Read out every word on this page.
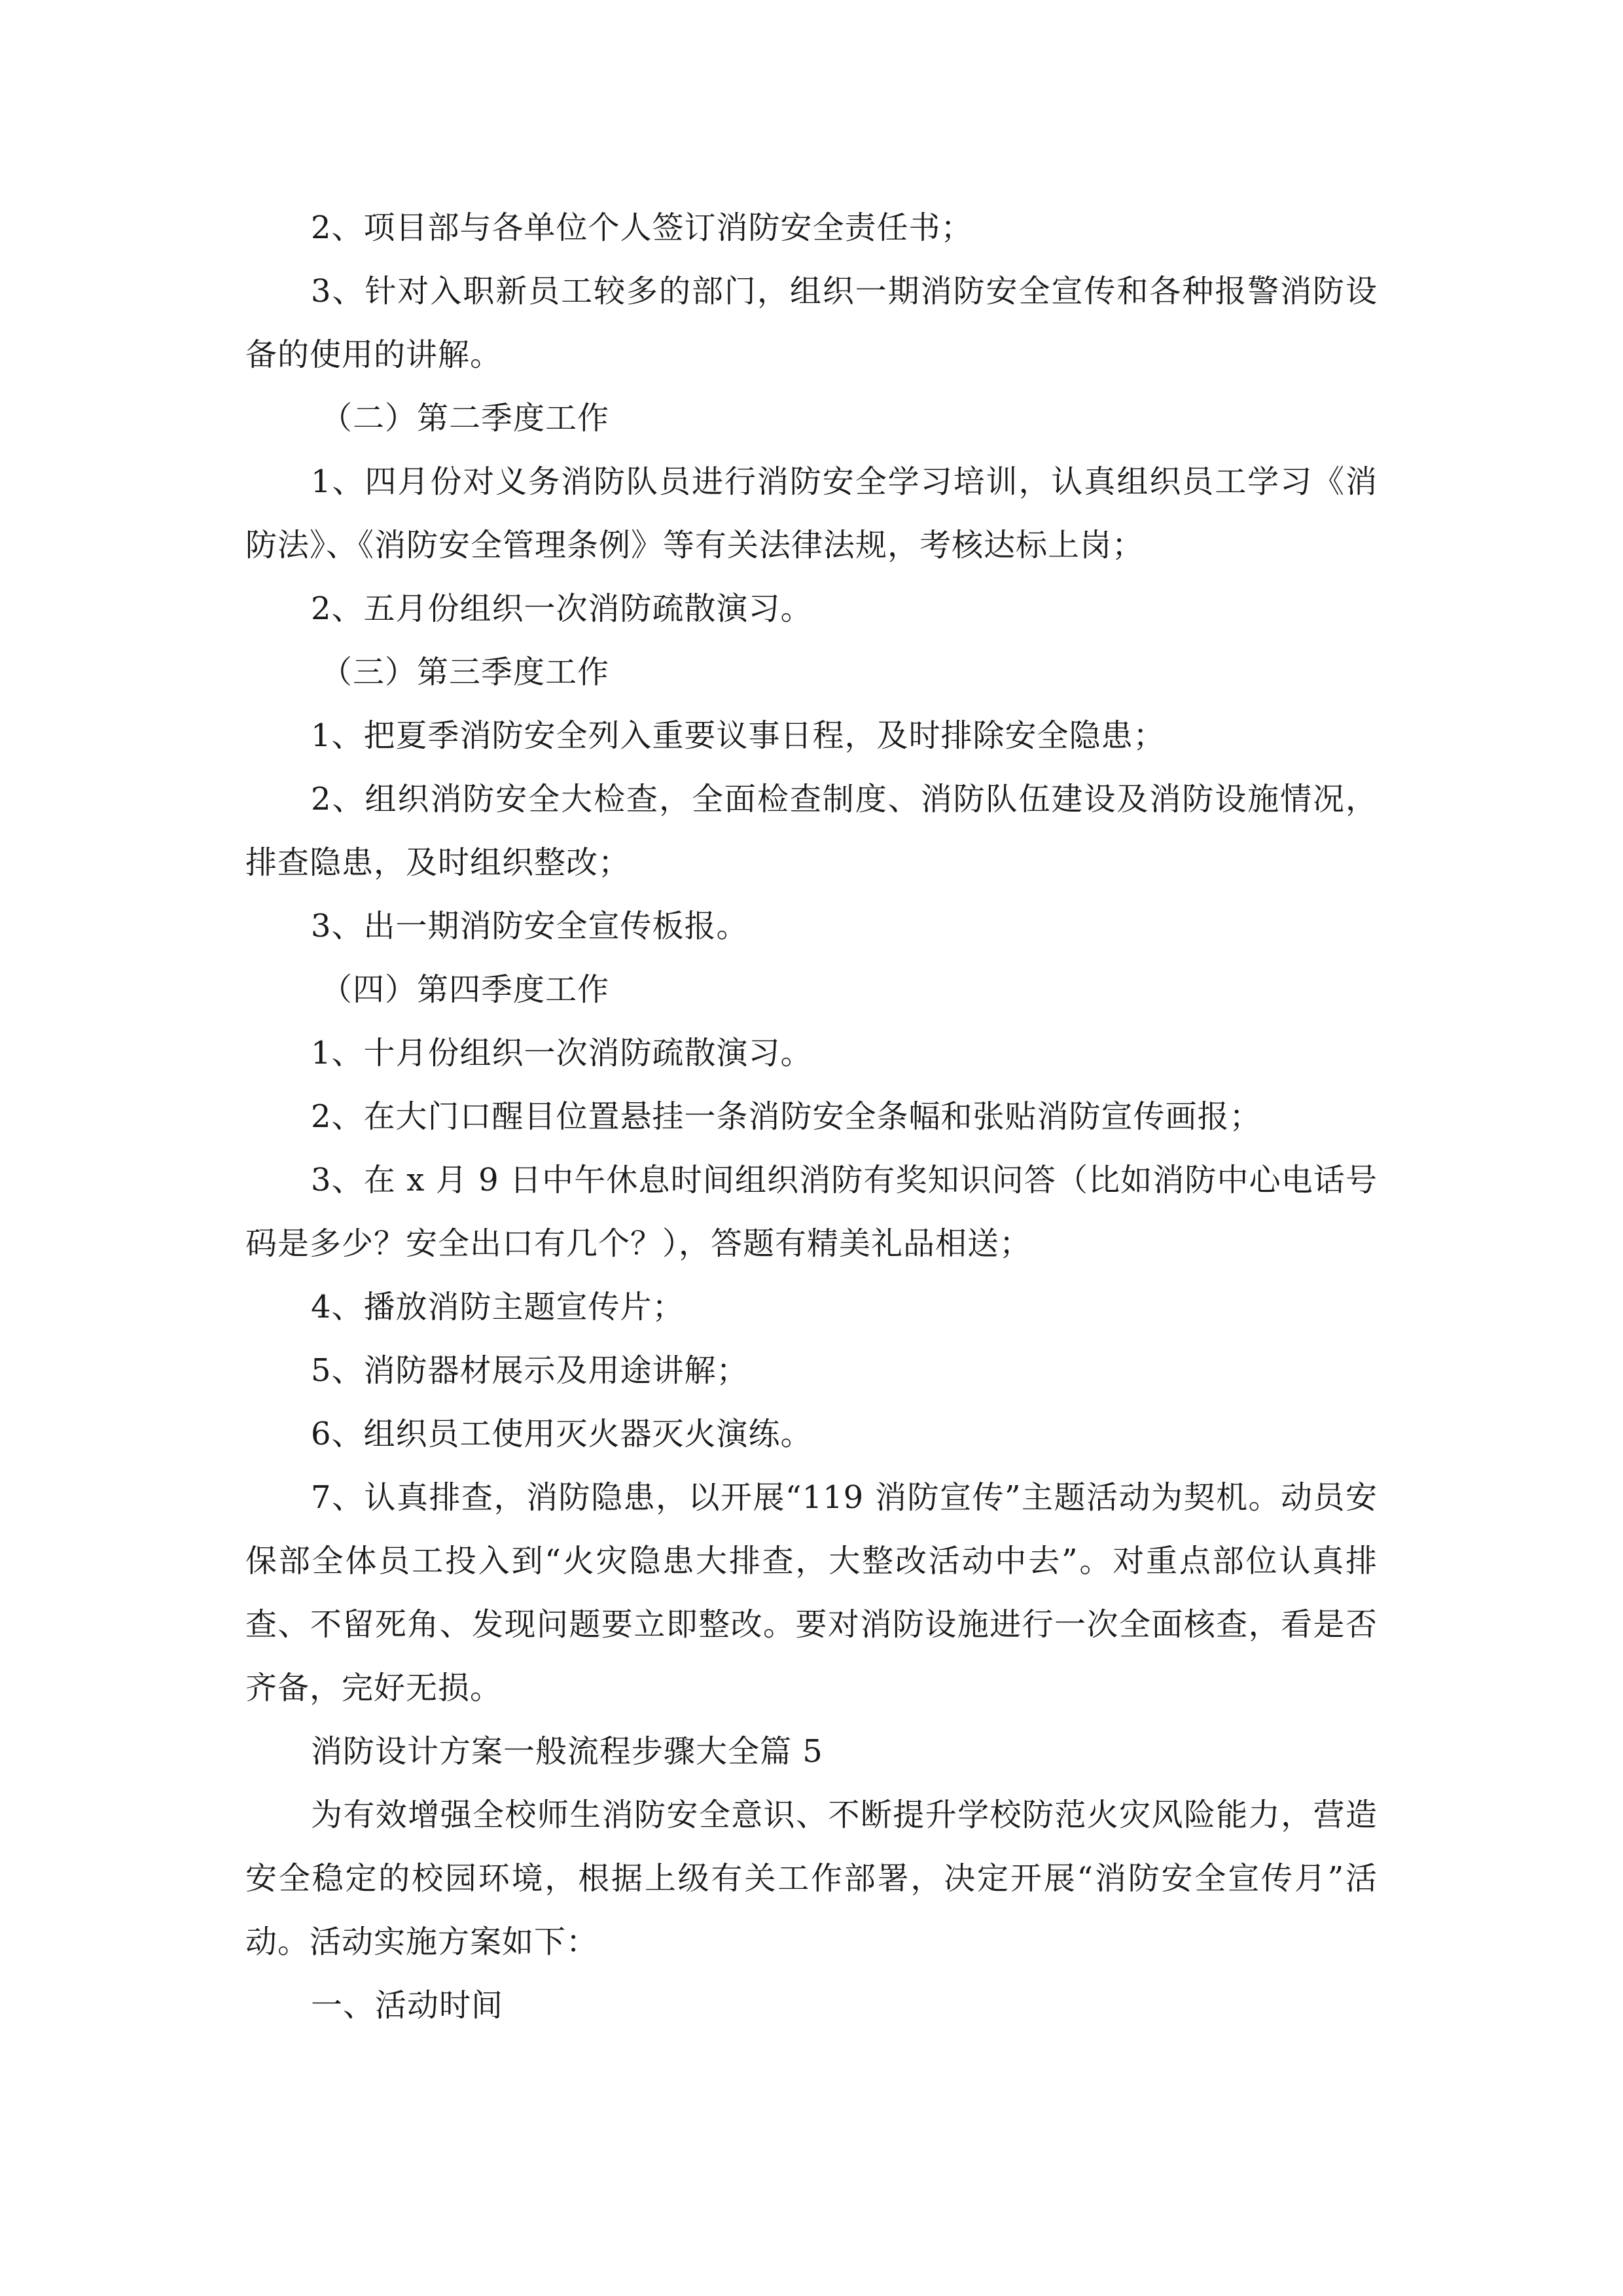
2、项目部与各单位个人签订消防安全责任书；

3、针对入职新员工较多的部门，组织一期消防安全宣传和各种报警消防设备的使用的讲解。

（二）第二季度工作

1、四月份对义务消防队员进行消防安全学习培训，认真组织员工学习《消防法》、《消防安全管理条例》等有关法律法规，考核达标上岗；

2、五月份组织一次消防疏散演习。

（三）第三季度工作

1、把夏季消防安全列入重要议事日程，及时排除安全隐患；

2、组织消防安全大检查，全面检查制度、消防队伍建设及消防设施情况，排查隐患，及时组织整改；

3、出一期消防安全宣传板报。

（四）第四季度工作

1、十月份组织一次消防疏散演习。

2、在大门口醒目位置悬挂一条消防安全条幅和张贴消防宣传画报；

3、在 x 月 9 日中午休息时间组织消防有奖知识问答（比如消防中心电话号码是多少？安全出口有几个？），答题有精美礼品相送；

4、播放消防主题宣传片；

5、消防器材展示及用途讲解；

6、组织员工使用灭火器灭火演练。

7、认真排查，消防隐患，以开展“119 消防宣传”主题活动为契机。动员安保部全体员工投入到“火灾隐患大排查，大整改活动中去”。对重点部位认真排查、不留死角、发现问题要立即整改。要对消防设施进行一次全面核查，看是否齐备，完好无损。

消防设计方案一般流程步骤大全篇 5

为有效增强全校师生消防安全意识、不断提升学校防范火灾风险能力，营造安全稳定的校园环境，根据上级有关工作部署，决定开展“消防安全宣传月”活动。活动实施方案如下：

一、活动时间
